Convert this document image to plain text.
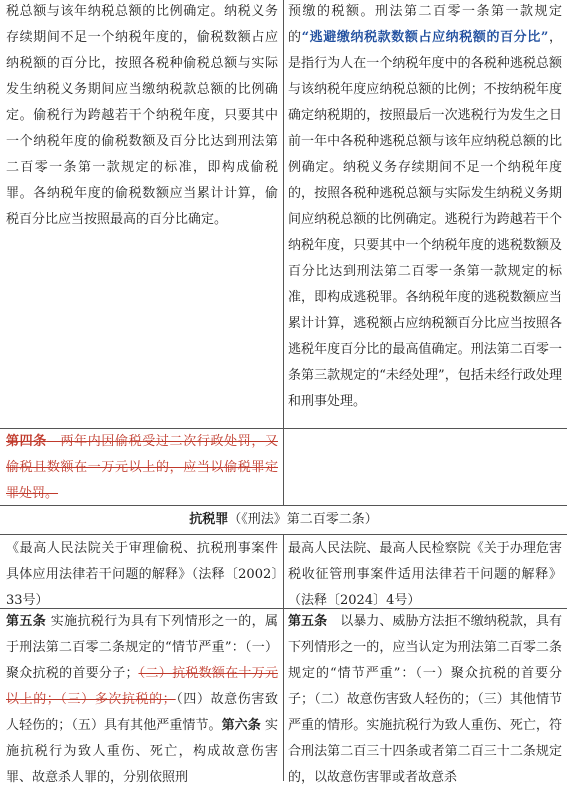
税总额与该年纳税总额的比例确定。纳税义务存续期间不足一个纳税年度的，偷税数额占应纳税额的百分比，按照各税种偷税总额与实际发生纳税义务期间应当缴纳税款总额的比例确定。偷税行为跨越若干个纳税年度，只要其中一个纳税年度的偷税数额及百分比达到刑法第二百零一条第一款规定的标准，即构成偷税罪。各纳税年度的偷税数额应当累计计算，偷税百分比应当按照最高的百分比确定。

预缴的税额。刑法第二百零一条第一款规定的“逃避缴纳税款数额占应纳税额的百分比”，是指行为人在一个纳税年度中的各税种逃税总额与该纳税年度应纳税总额的比例；不按纳税年度确定纳税期的，按照最后一次逃税行为发生之日前一年中各税种逃税总额与该年应纳税总额的比例确定。纳税义务存续期间不足一个纳税年度的，按照各税种逃税总额与实际发生纳税义务期间应纳税总额的比例确定。逃税行为跨越若干个纳税年度，只要其中一个纳税年度的逃税数额及百分比达到刑法第二百零一条第一款规定的标准，即构成逃税罪。各纳税年度的逃税数额应当累计计算，逃税额占应纳税额百分比应当按照各逃税年度百分比的最高值确定。刑法第二百零一条第三款规定的“未经处理”，包括未经行政处理和刑事处理。

第四条　两年内因偷税受过二次行政处罚，又偷税且数额在一万元以上的，应当以偷税罪定罪处罚。

抗税罪（《刑法》第二百零二条）

《最高人民法院关于审理偷税、抗税刑事案件具体应用法律若干问题的解释》（法释〔2002〕33号）

最高人民法院、最高人民检察院《关于办理危害税收征管刑事案件适用法律若干问题的解释》（法释〔2024〕4号）

第五条 实施抗税行为具有下列情形之一的，属于刑法第二百零二条规定的“情节严重”：（一）聚众抗税的首要分子；（二）抗税数额在十万元以上的；（三）多次抗税的；（四）故意伤害致人轻伤的；（五）具有其他严重情节。第六条 实施抗税行为致人重伤、死亡，构成故意伤害罪、故意杀人罪的，分别依照刑

第五条　以暴力、威胁方法拒不缴纳税款，具有下列情形之一的，应当认定为刑法第二百零二条规定的“情节严重”：（一）聚众抗税的首要分子；（二）故意伤害致人轻伤的；（三）其他情节严重的情形。实施抗税行为致人重伤、死亡，符合刑法第二百三十四条或者第二百三十二条规定的，以故意伤害罪或者故意杀
